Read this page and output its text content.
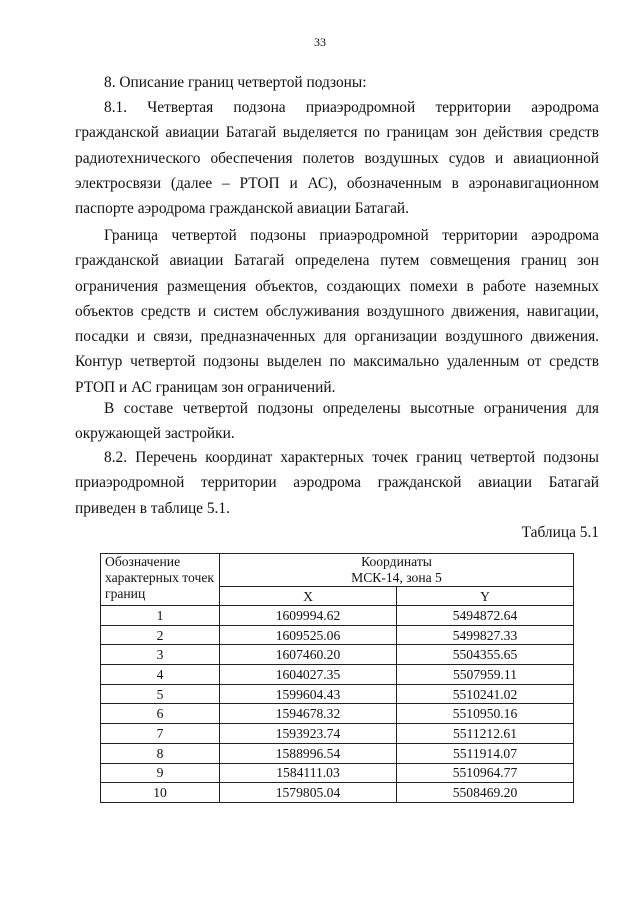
33
8. Описание границ четвертой подзоны:

8.1. Четвертая подзона приаэродромной территории аэродрома гражданской авиации Батагай выделяется по границам зон действия средств радиотехнического обеспечения полетов воздушных судов и авиационной электросвязи (далее – РТОП и АС), обозначенным в аэронавигационном паспорте аэродрома гражданской авиации Батагай.

Граница четвертой подзоны приаэродромной территории аэродрома гражданской авиации Батагай определена путем совмещения границ зон ограничения размещения объектов, создающих помехи в работе наземных объектов средств и систем обслуживания воздушного движения, навигации, посадки и связи, предназначенных для организации воздушного движения. Контур четвертой подзоны выделен по максимально удаленным от средств РТОП и АС границам зон ограничений.

В составе четвертой подзоны определены высотные ограничения для окружающей застройки.

8.2. Перечень координат характерных точек границ четвертой подзоны приаэродромной территории аэродрома гражданской авиации Батагай приведен в таблице 5.1.

Таблица 5.1
Обозначение характерных точек границ	Координаты
МСК-14, зона 5	

	X	Y
1	1609994.62	5494872.64
2	1609525.06	5499827.33
3	1607460.20	5504355.65
4	1604027.35	5507959.11
5	1599604.43	5510241.02
6	1594678.32	5510950.16
7	1593923.74	5511212.61
8	1588996.54	5511914.07
9	1584111.03	5510964.77
10	1579805.04	5508469.20
